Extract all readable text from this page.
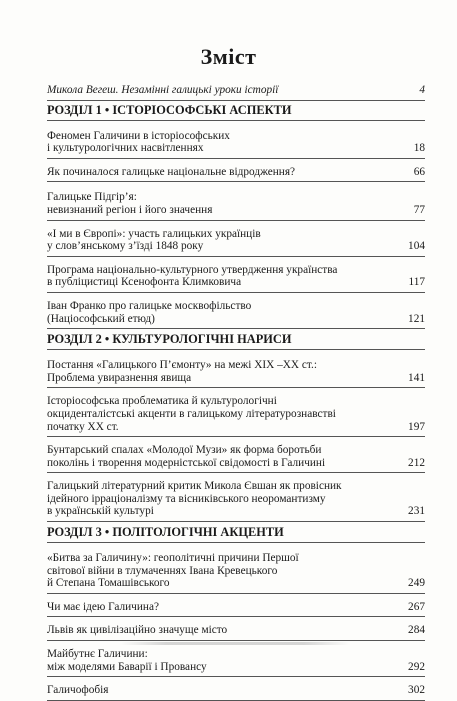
Зміст
Микола Вегеш. Незамінні галицькі уроки історії	4
РОЗДІЛ 1 • ІСТОРІОСОФСЬКІ АСПЕКТИ
Феномен Галичини в історіософських
і культурологічних насвітленнях	18
Як починалося галицьке національне відродження?	66
Галицьке Підгір’я:
невизнаний регіон і його значення	77
«І ми в Європі»: участь галицьких українців
у слов’янському з’їзді 1848 року	104
Програма національно-культурного утвердження українства
в публіцистиці Ксенофонта Климковича	117
Іван Франко про галицьке москвофільство
(Націософський етюд)	121
РОЗДІЛ 2 • КУЛЬТУРОЛОГІЧНІ НАРИСИ
Постання «Галицького П’ємонту» на межі XIX –XX ст.:
Проблема увиразнення явища	141
Історіософська проблематика й культурологічні
окциденталістські акценти в галицькому літературознавстві
початку XX ст.	197
Бунтарський спалах «Молодої Музи» як форма боротьби
поколінь і творення модерністської свідомості в Галичині	212
Галицький літературний критик Микола Євшан як провісник
ідейного ірраціоналізму та вісниківського неоромантизму
в українській культурі	231
РОЗДІЛ 3 • ПОЛІТОЛОГІЧНІ АКЦЕНТИ
«Битва за Галичину»: геополітичні причини Першої
світової війни в тлумаченнях Івана Кревецького
й Степана Томашівського	249
Чи має ідею Галичина?	267
Львів як цивілізаційно значуще місто	284
Майбутнє Галичини:
між моделями Баварії і Провансу	292
Галичофобія	302
